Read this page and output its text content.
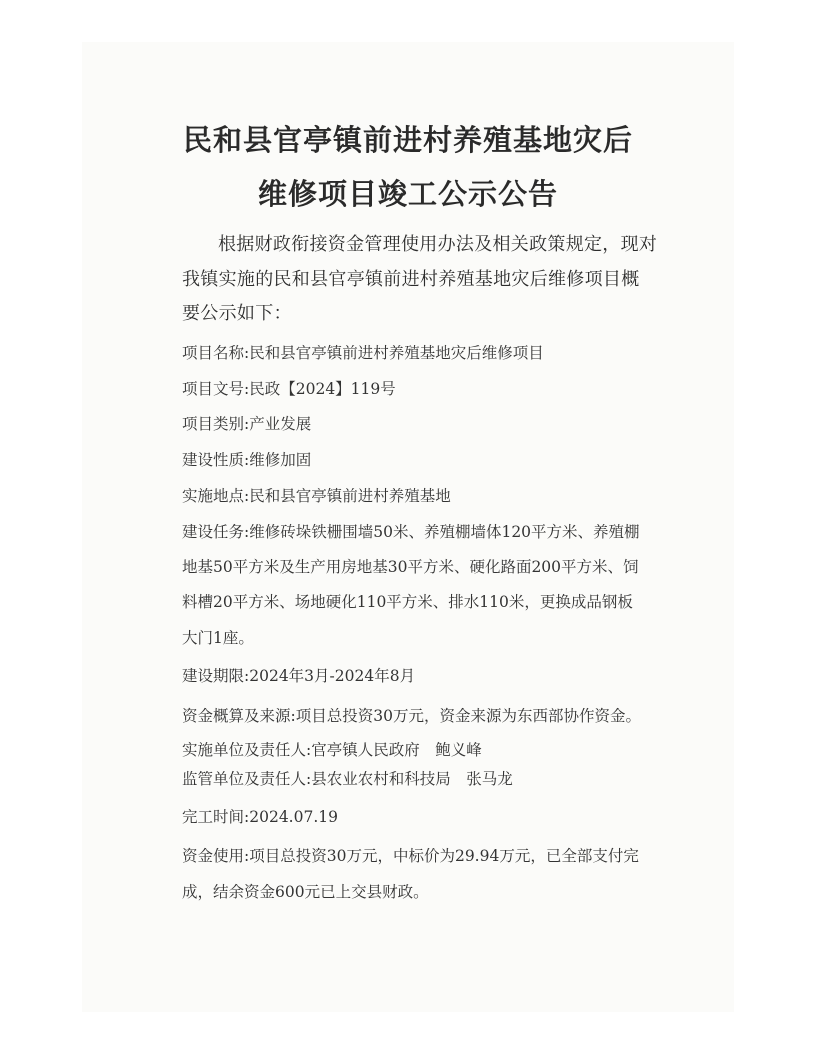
民和县官亭镇前进村养殖基地灾后
维修项目竣工公示公告
根据财政衔接资金管理使用办法及相关政策规定，现对
我镇实施的民和县官亭镇前进村养殖基地灾后维修项目概
要公示如下：
项目名称:民和县官亭镇前进村养殖基地灾后维修项目
项目文号:民政【2024】119号
项目类别:产业发展
建设性质:维修加固
实施地点:民和县官亭镇前进村养殖基地
建设任务:维修砖垛铁栅围墙50米、养殖棚墙体120平方米、养殖棚
地基50平方米及生产用房地基30平方米、硬化路面200平方米、饲
料槽20平方米、场地硬化110平方米、排水110米，更换成品钢板
大门1座。
建设期限:2024年3月-2024年8月
资金概算及来源:项目总投资30万元，资金来源为东西部协作资金。
实施单位及责任人:官亭镇人民政府　鲍义峰
监管单位及责任人:县农业农村和科技局　张马龙
完工时间:2024.07.19
资金使用:项目总投资30万元，中标价为29.94万元，已全部支付完
成，结余资金600元已上交县财政。
